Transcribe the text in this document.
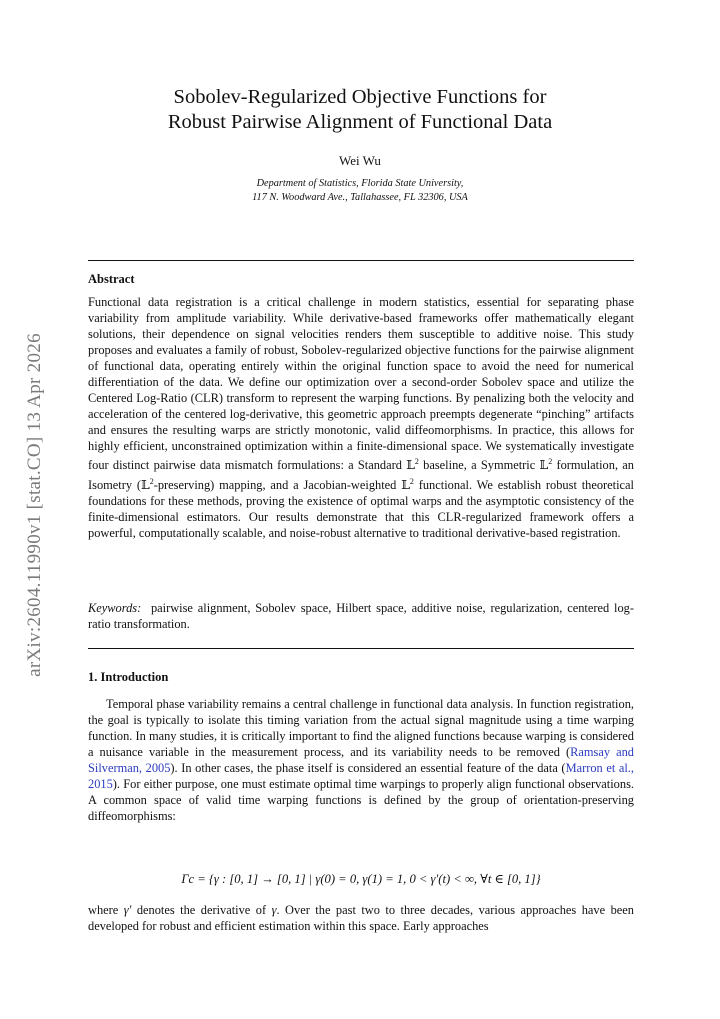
arXiv:2604.11990v1 [stat.CO] 13 Apr 2026
Sobolev-Regularized Objective Functions for
Robust Pairwise Alignment of Functional Data
Wei Wu
Department of Statistics, Florida State University,
117 N. Woodward Ave., Tallahassee, FL 32306, USA
Abstract
Functional data registration is a critical challenge in modern statistics, essential for separating phase variability from amplitude variability. While derivative-based frameworks offer mathematically elegant solutions, their dependence on signal velocities renders them susceptible to additive noise. This study proposes and evaluates a family of robust, Sobolev-regularized objective functions for the pairwise alignment of functional data, operating entirely within the original function space to avoid the need for numerical differentiation of the data. We define our optimization over a second-order Sobolev space and utilize the Centered Log-Ratio (CLR) transform to represent the warping functions. By penalizing both the velocity and acceleration of the centered log-derivative, this geometric approach preempts degenerate “pinching” artifacts and ensures the resulting warps are strictly monotonic, valid diffeomorphisms. In practice, this allows for highly efficient, unconstrained optimization within a finite-dimensional space. We systematically investigate four distinct pairwise data mismatch formulations: a Standard 𝕃$^2$ baseline, a Symmetric 𝕃$^2$ formulation, an Isometry (𝕃$^2$-preserving) mapping, and a Jacobian-weighted 𝕃$^2$ functional. We establish robust theoretical foundations for these methods, proving the existence of optimal warps and the asymptotic consistency of the finite-dimensional estimators. Our results demonstrate that this CLR-regularized framework offers a powerful, computationally scalable, and noise-robust alternative to traditional derivative-based registration.
Keywords: pairwise alignment, Sobolev space, Hilbert space, additive noise, regularization, centered log-ratio transformation.
1. Introduction
Temporal phase variability remains a central challenge in functional data analysis. In function registration, the goal is typically to isolate this timing variation from the actual signal magnitude using a time warping function. In many studies, it is critically important to find the aligned functions because warping is considered a nuisance variable in the measurement process, and its variability needs to be removed (Ramsay and Silverman, 2005). In other cases, the phase itself is considered an essential feature of the data (Marron et al., 2015). For either purpose, one must estimate optimal time warpings to properly align functional observations. A common space of valid time warping functions is defined by the group of orientation-preserving diffeomorphisms:
Γc = {γ : [0, 1] → [0, 1] | γ(0) = 0, γ(1) = 1, 0 < γ′(t) < ∞, ∀t ∈ [0, 1]}
where γ′ denotes the derivative of γ. Over the past two to three decades, various approaches have been developed for robust and efficient estimation within this space. Early approaches
